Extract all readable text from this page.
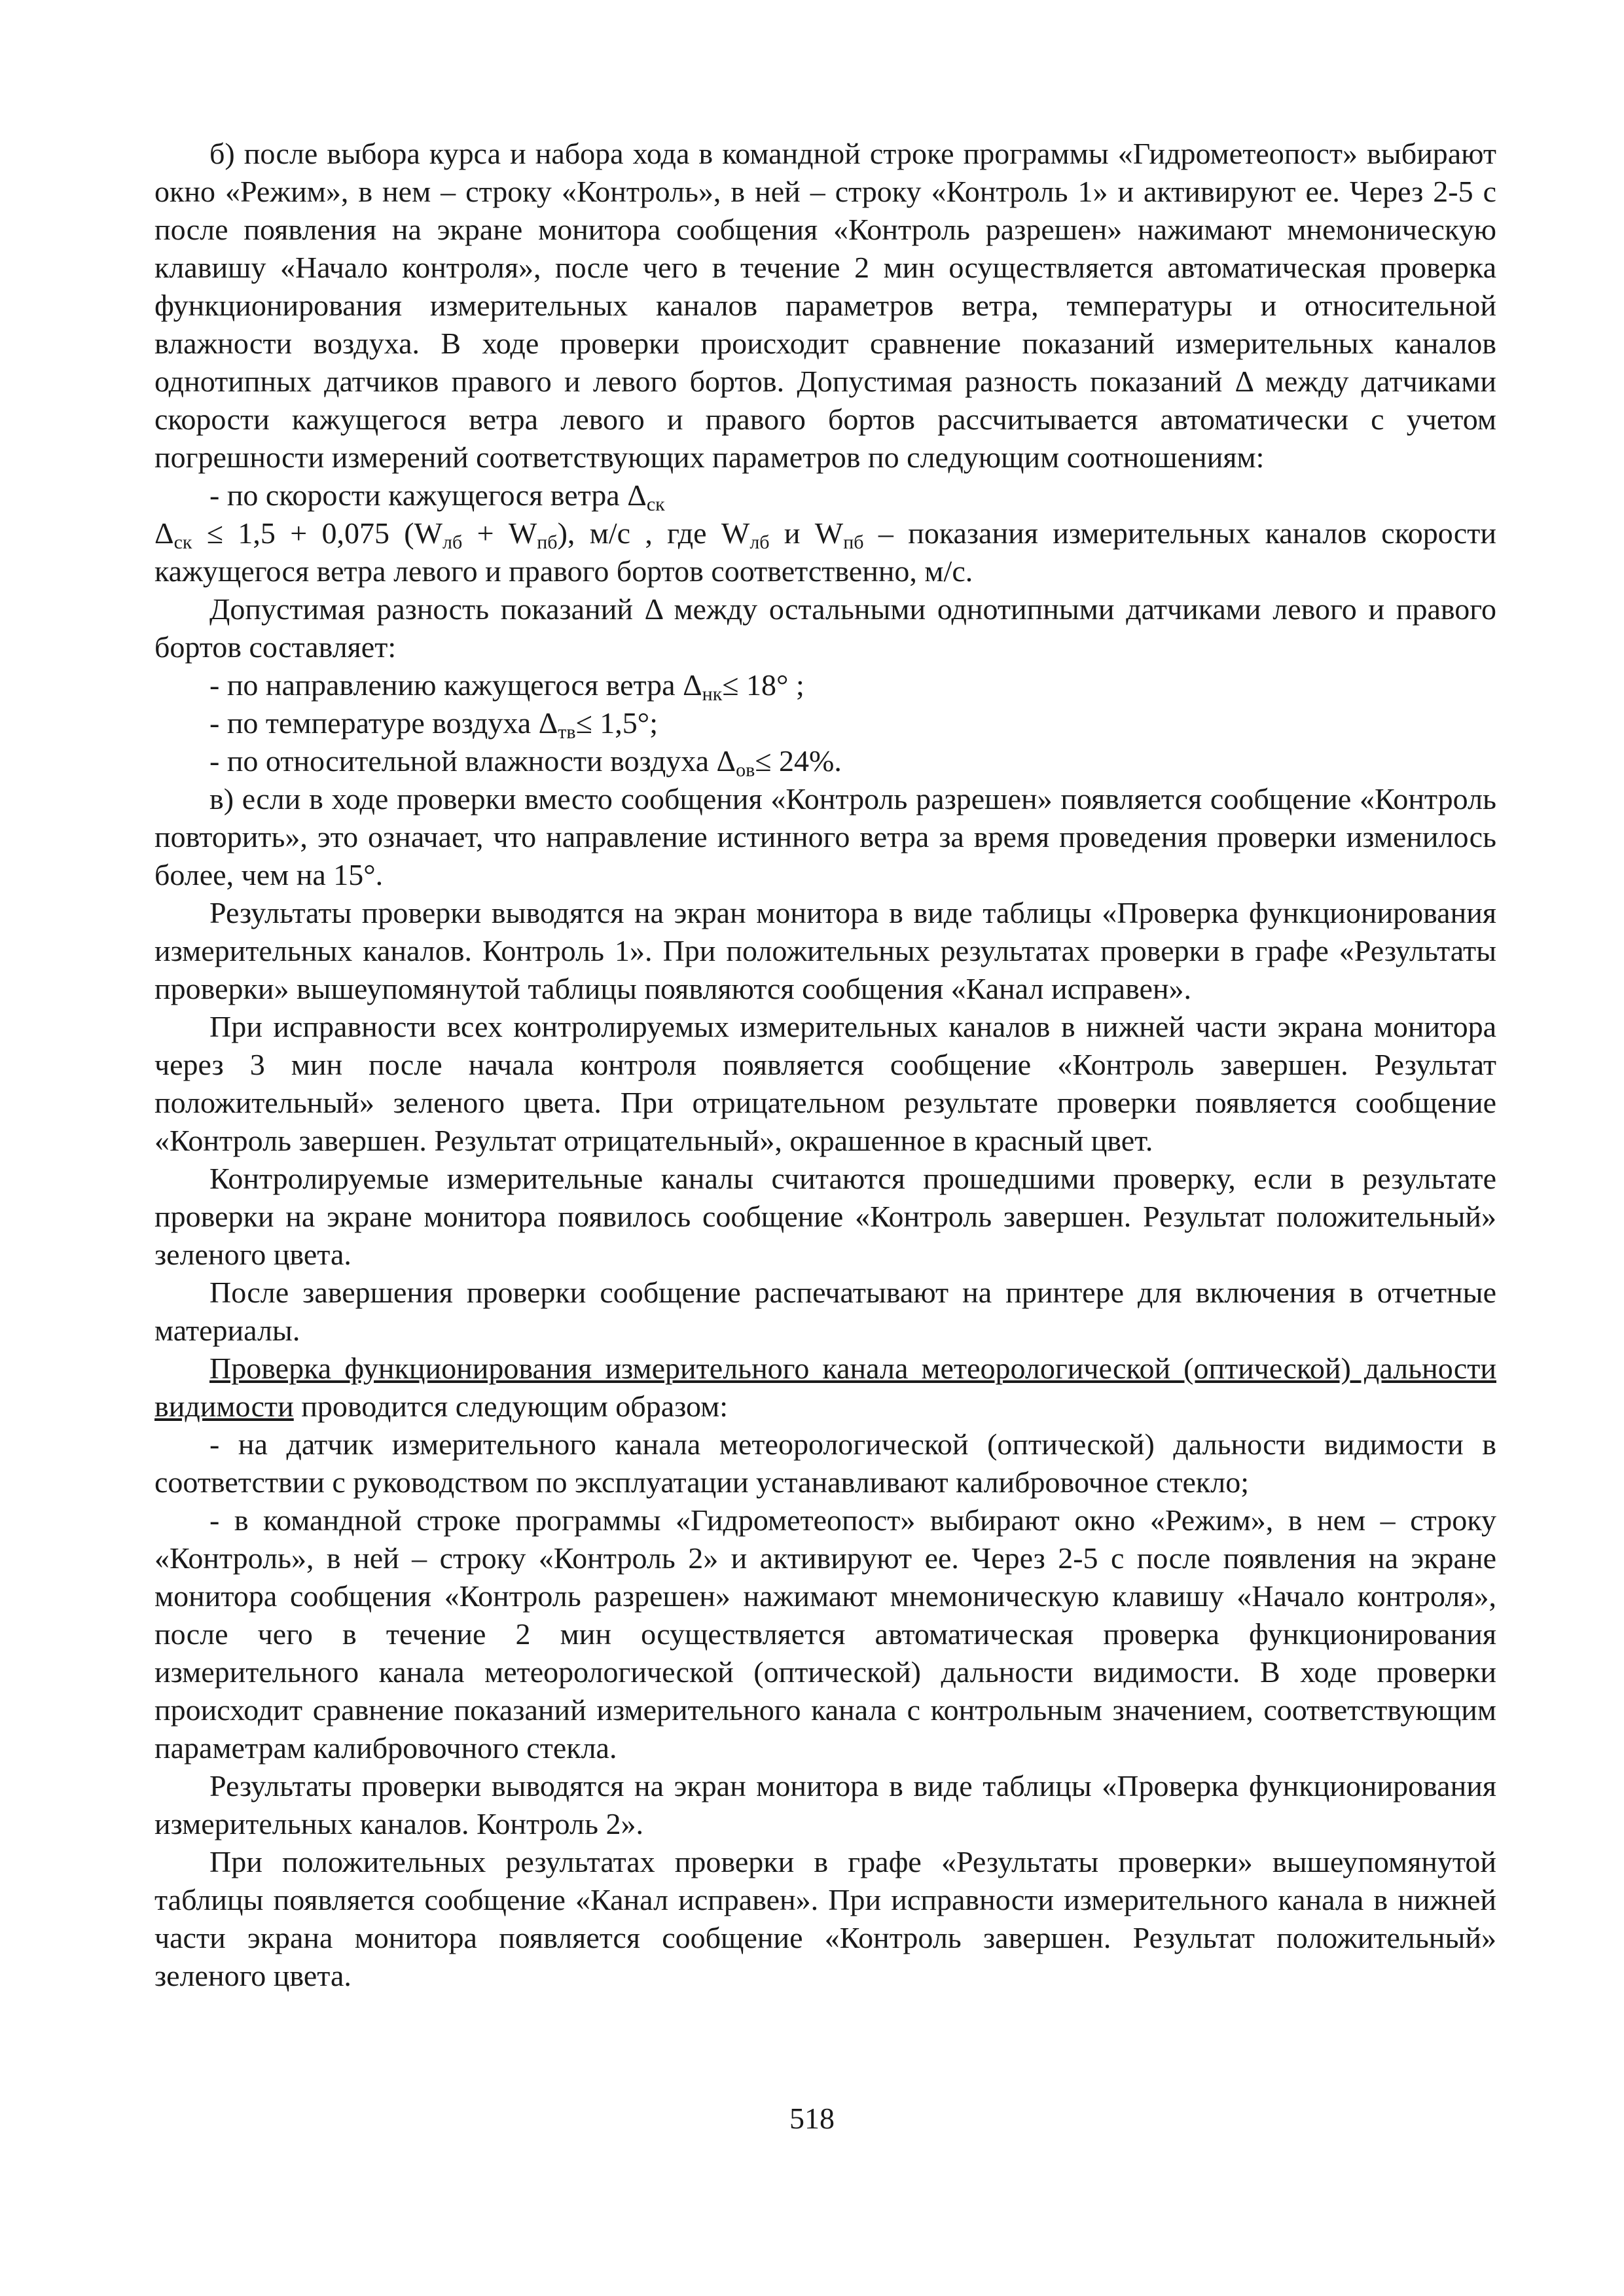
б) после выбора курса и набора хода в командной строке программы «Гидрометеопост» выбирают окно «Режим», в нем – строку «Контроль», в ней – строку «Контроль 1» и активируют ее. Через 2-5 с после появления на экране монитора сообщения «Контроль разрешен» нажимают мнемоническую клавишу «Начало контроля», после чего в течение 2 мин осуществляется автоматическая проверка функционирования измерительных каналов параметров ветра, температуры и относительной влажности воздуха. В ходе проверки происходит сравнение показаний измерительных каналов однотипных датчиков правого и левого бортов. Допустимая разность показаний Δ между датчиками скорости кажущегося ветра левого и правого бортов рассчитывается автоматически с учетом погрешности измерений соответствующих параметров по следующим соотношениям:

- по скорости кажущегося ветра $\Delta_{ск}$

$\Delta_{ск} \le 1,5 + 0,075$ $(W_{лб} + W_{пб})$, м/с , где $W_{лб}$ и $W_{пб}$ – показания измерительных каналов скорости кажущегося ветра левого и правого бортов соответственно, м/с.

Допустимая разность показаний Δ между остальными однотипными датчиками левого и правого бортов составляет:

- по направлению кажущегося ветра $\Delta_{нк}\le 18^\circ$ ;

- по температуре воздуха $\Delta_{тв}\le 1,5^\circ$;

- по относительной влажности воздуха $\Delta_{ов}\le 24\%$.

в) если в ходе проверки вместо сообщения «Контроль разрешен» появляется сообщение «Контроль повторить», это означает, что направление истинного ветра за время проведения проверки изменилось более, чем на 15°.

Результаты проверки выводятся на экран монитора в виде таблицы «Проверка функционирования измерительных каналов. Контроль 1». При положительных результатах проверки в графе «Результаты проверки» вышеупомянутой таблицы появляются сообщения «Канал исправен».

При исправности всех контролируемых измерительных каналов в нижней части экрана монитора через 3 мин после начала контроля появляется сообщение «Контроль завершен. Результат положительный» зеленого цвета. При отрицательном результате проверки появляется сообщение «Контроль завершен. Результат отрицательный», окрашенное в красный цвет.

Контролируемые измерительные каналы считаются прошедшими проверку, если в результате проверки на экране монитора появилось сообщение «Контроль завершен. Результат положительный» зеленого цвета.

После завершения проверки сообщение распечатывают на принтере для включения в отчетные материалы.

Проверка функционирования измерительного канала метеорологической (оптической) дальности видимости проводится следующим образом:

- на датчик измерительного канала метеорологической (оптической) дальности видимости в соответствии с руководством по эксплуатации устанавливают калибровочное стекло;

- в командной строке программы «Гидрометеопост» выбирают окно «Режим», в нем – строку «Контроль», в ней – строку «Контроль 2» и активируют ее. Через 2-5 с после появления на экране монитора сообщения «Контроль разрешен» нажимают мнемоническую клавишу «Начало контроля», после чего в течение 2 мин осуществляется автоматическая проверка функционирования измерительного канала метеорологической (оптической) дальности видимости. В ходе проверки происходит сравнение показаний измерительного канала с контрольным значением, соответствующим параметрам калибровочного стекла.

Результаты проверки выводятся на экран монитора в виде таблицы «Проверка функционирования измерительных каналов. Контроль 2».

При положительных результатах проверки в графе «Результаты проверки» вышеупомянутой таблицы появляется сообщение «Канал исправен». При исправности измерительного канала в нижней части экрана монитора появляется сообщение «Контроль завершен. Результат положительный» зеленого цвета.

518
